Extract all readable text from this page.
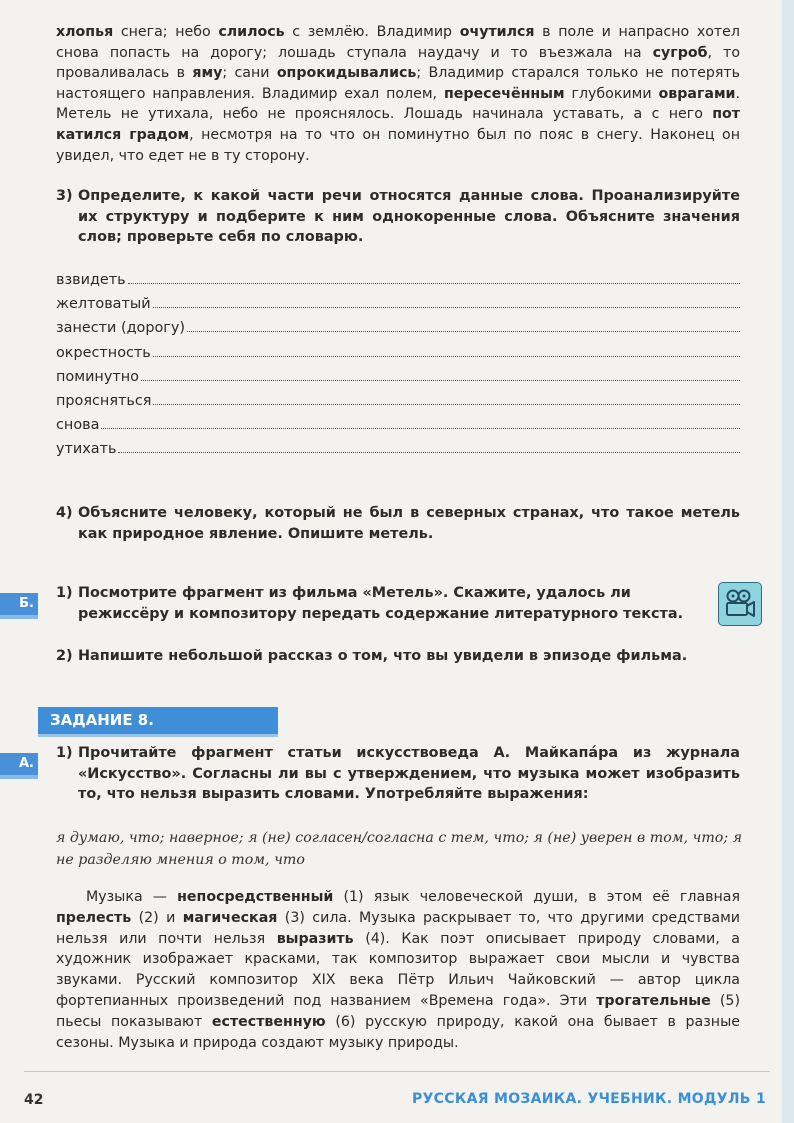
хлопья снега; небо слилось с землёю. Владимир очутился в поле и напрасно хотел снова попасть на дорогу; лошадь ступала наудачу и то въезжала на сугроб, то проваливалась в яму; сани опрокидывались; Владимир старался только не потерять настоящего направления. Владимир ехал полем, пересечённым глубокими оврагами. Метель не утихала, небо не прояснялось. Лошадь начинала уставать, а с него пот катился градом, несмотря на то что он поминутно был по пояс в снегу. Наконец он увидел, что едет не в ту сторону.
3) Определите, к какой части речи относятся данные слова. Проанализируйте их структуру и подберите к ним однокоренные слова. Объясните значения слов; проверьте себя по словарю.
взвидеть
желтоватый
занести (дорогу)
окрестность
поминутно
проясняться
снова
утихать
4) Объясните человеку, который не был в северных странах, что такое метель как природное явление. Опишите метель.
Б.
1) Посмотрите фрагмент из фильма «Метель». Скажите, удалось ли режиссёру и композитору передать содержание литературного текста.
2) Напишите небольшой рассказ о том, что вы увидели в эпизоде фильма.
ЗАДАНИЕ 8.
А.
1) Прочитайте фрагмент статьи искусствоведа А. Майкапа́ра из журнала «Искусство». Согласны ли вы с утверждением, что музыка может изобразить то, что нельзя выразить словами. Употребляйте выражения:
я думаю, что; наверное; я (не) согласен/согласна с тем, что; я (не) уверен в том, что; я не разделяю мнения о том, что
Музыка — непосредственный (1) язык человеческой души, в этом её главная прелесть (2) и магическая (3) сила. Музыка раскрывает то, что другими средствами нельзя или почти нельзя выразить (4). Как поэт описывает природу словами, а художник изображает красками, так композитор выражает свои мысли и чувства звуками. Русский композитор XIX века Пётр Ильич Чайковский — автор цикла фортепианных произведений под названием «Времена года». Эти трогательные (5) пьесы показывают естественную (6) русскую природу, какой она бывает в разные сезоны. Музыка и природа создают музыку природы.
42	РУССКАЯ МОЗАИКА. УЧЕБНИК. МОДУЛЬ 1
